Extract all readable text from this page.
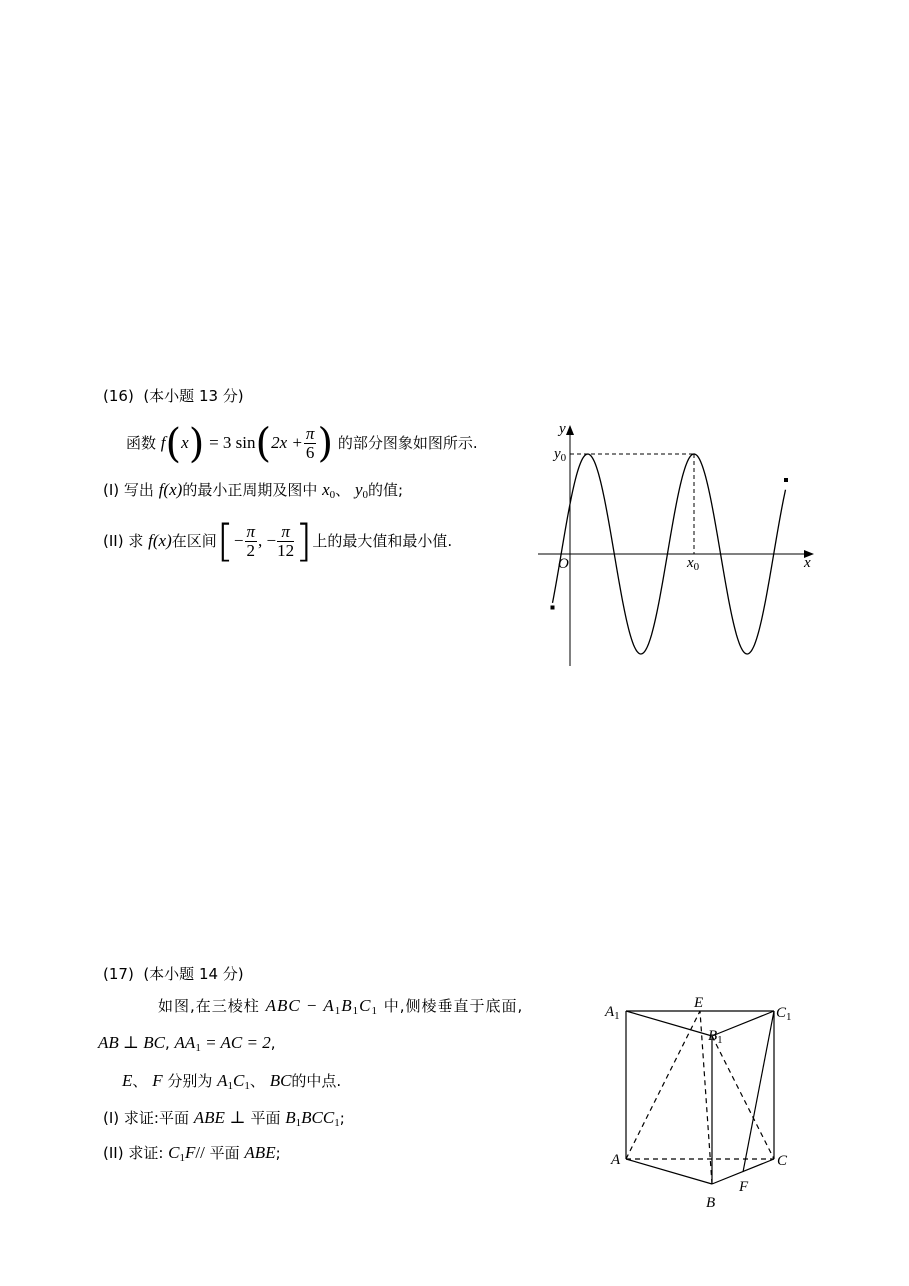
(16)  (本小题 13 分)
函数 f(x) = 3 $\sin(2x + \frac{\pi}{6}$ ) 的部分图象如图所示.
(I) 写出 f(x)的最小正周期及图中 $x_0$、 $y_0$的值;
(II) 求 f(x)在区间[− $\frac{\pi}{2}$ , − $\frac{\pi}{12}$ ]上的最大值和最小值.
y
x
O
$y_0$
$x_0$
(17)  (本小题 14 分)
如图,在三棱柱 ABC − $A_1B_1C_1$ 中,侧棱垂直于底面,
AB ⊥ BC, $AA_1$ = AC = 2,
E、 F 分别为 $A_1C_1$、 BC的中点.
(I) 求证:平面 ABE ⊥ 平面 $B_1BCC_1$;
(II) 求证: $C_1F//$ 平面 ABE;
$A_1$
E
$B_1$
$C_1$
A	C
F
B
